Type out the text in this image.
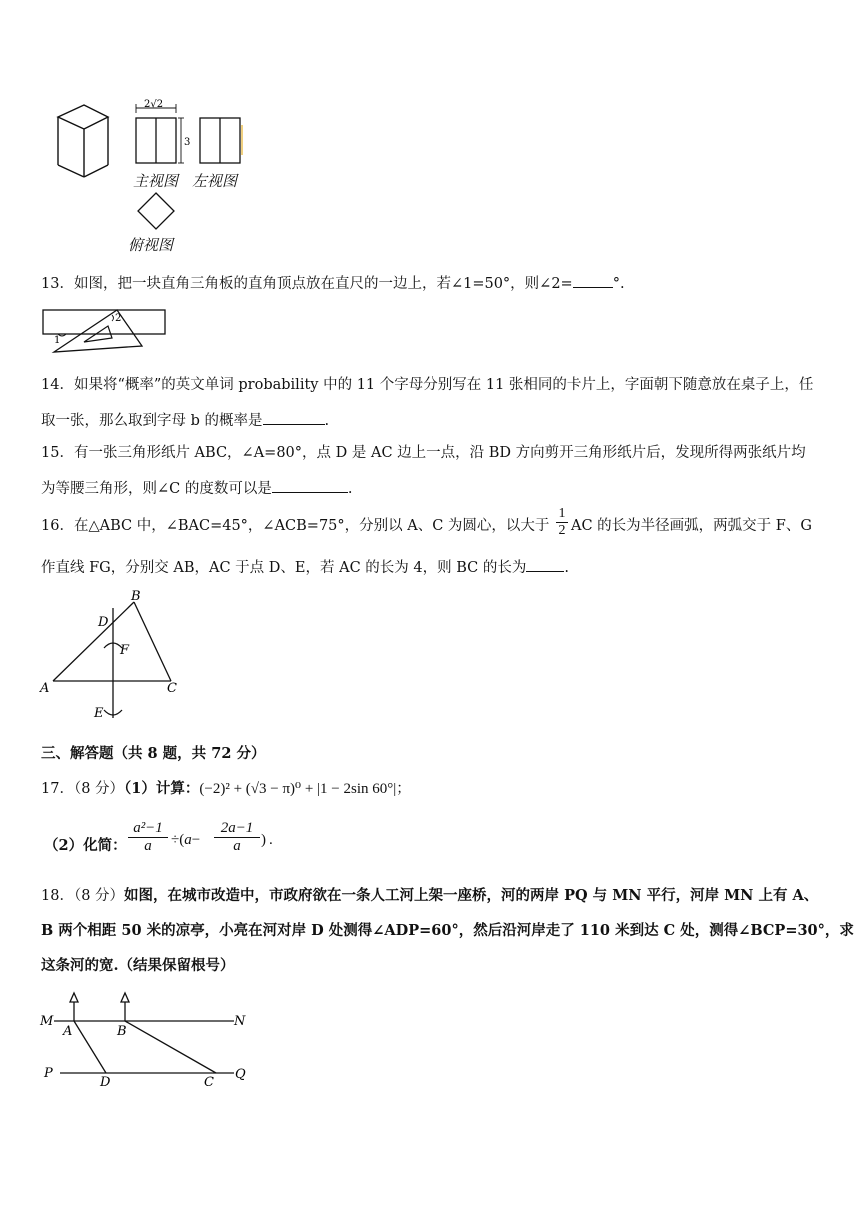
2√2
3
主视图 左视图
俯视图
13．如图，把一块直角三角板的直角顶点放在直尺的一边上，若∠1=50°，则∠2=	°.
1
2
14．如果将“概率”的英文单词 probability 中的 11 个字母分别写在 11 张相同的卡片上，字面朝下随意放在桌子上，任
取一张，那么取到字母 b 的概率是	.
15．有一张三角形纸片 ABC，∠A=80°，点 D 是 AC 边上一点，沿 BD 方向剪开三角形纸片后，发现所得两张纸片均
为等腰三角形，则∠C 的度数可以是	.
16．在△ABC 中，∠BAC=45°，∠ACB=75°，分别以 A、C 为圆心，以大于 $\frac{1}{2}$ AC 的长为半径画弧，两弧交于 F、G
作直线 FG，分别交 AB，AC 于点 D、E，若 AC 的长为 4，则 BC 的长为	.
B
D
F
A	C
E
三、解答题（共 8 题，共 72 分）
17．（8 分）（1）计算：(−2)² + (√3 − π)⁰ + |1 − 2sin 60°|；
（2）化简： $\frac{\text{a²−1}}{a} \div(a- \frac{2a-1}{a}$ ) .
18．（8 分）如图，在城市改造中，市政府欲在一条人工河上架一座桥，河的两岸 PQ 与 MN 平行，河岸 MN 上有 A、
B 两个相距 50 米的凉亭，小亮在河对岸 D 处测得∠ADP=60°，然后沿河岸走了 110 米到达 C 处，测得∠BCP=30°，求
这条河的宽.（结果保留根号）
M
A	B
N
P
D	C
Q
